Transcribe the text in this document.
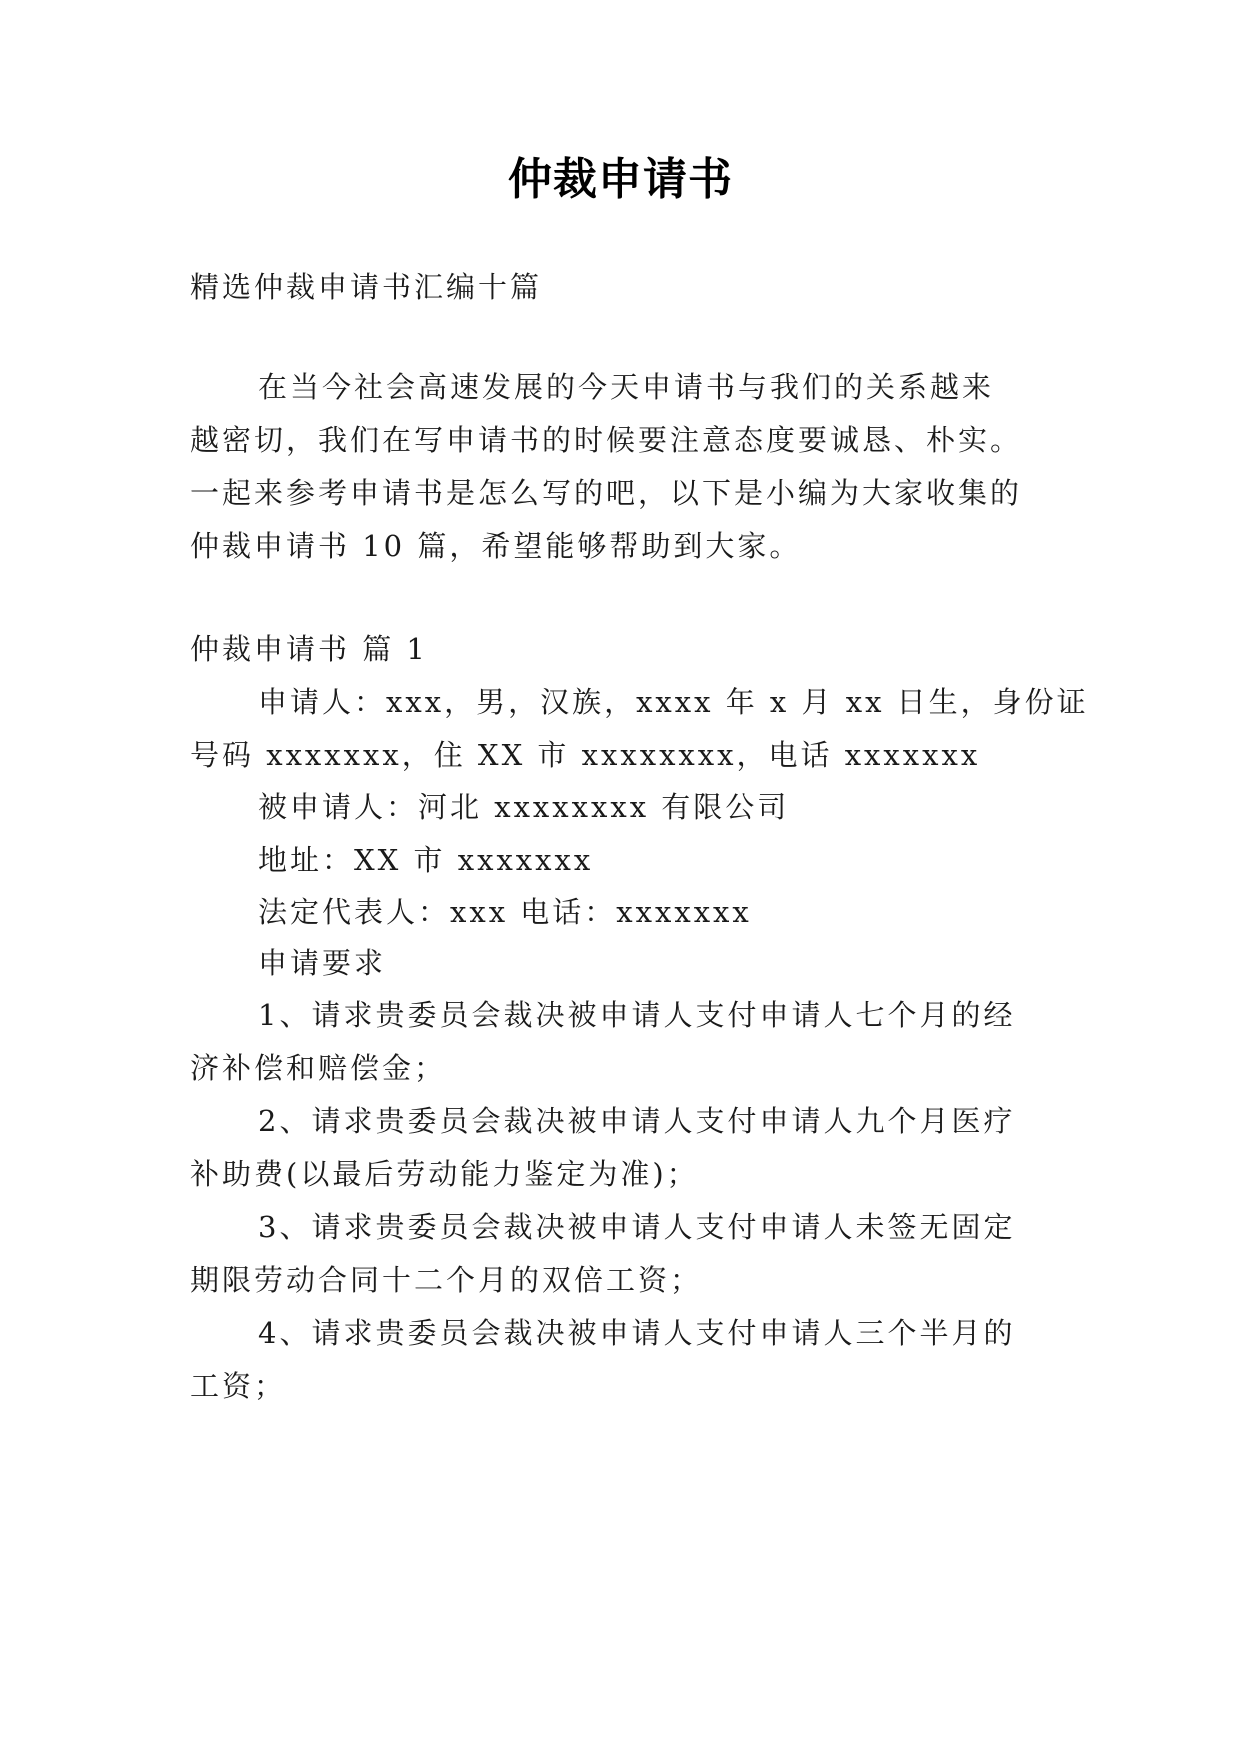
仲裁申请书
精选仲裁申请书汇编十篇
在当今社会高速发展的今天申请书与我们的关系越来
越密切，我们在写申请书的时候要注意态度要诚恳、朴实。
一起来参考申请书是怎么写的吧，以下是小编为大家收集的
仲裁申请书 10 篇，希望能够帮助到大家。
仲裁申请书 篇 1
申请人：xxx，男，汉族，xxxx 年 x 月 xx 日生，身份证
号码 xxxxxxx，住 XX 市 xxxxxxxx，电话 xxxxxxx
被申请人：河北 xxxxxxxx 有限公司
地址：XX 市 xxxxxxx
法定代表人：xxx 电话：xxxxxxx
申请要求
1、请求贵委员会裁决被申请人支付申请人七个月的经
济补偿和赔偿金；
2、请求贵委员会裁决被申请人支付申请人九个月医疗
补助费(以最后劳动能力鉴定为准)；
3、请求贵委员会裁决被申请人支付申请人未签无固定
期限劳动合同十二个月的双倍工资；
4、请求贵委员会裁决被申请人支付申请人三个半月的
工资；
